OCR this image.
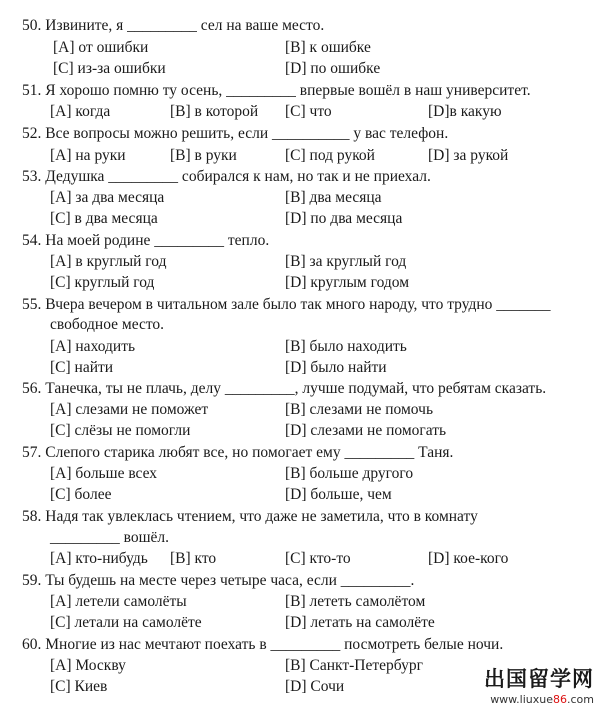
50. Извините, я _________ сел на ваше место.
[A] от ошибки	[B] к ошибке
[C] из-за ошибки	[D] по ошибке
51. Я хорошо помню ту осень, _________ впервые вошёл в наш университет.
[A] когда	[B] в которой [C] что	[D]в какую
52. Все вопросы можно решить, если __________ у вас телефон.
[A] на руки	[B] в руки	[C] под рукой	[D] за рукой
53. Дедушка _________ собирался к нам, но так и не приехал.
[A] за два месяца	[B] два месяца
[C] в два месяца	[D] по два месяца
54. На моей родине _________ тепло.
[A] в круглый год	[B] за круглый год
[C] круглый год	[D] круглым годом
55. Вчера вечером в читальном зале было так много народу, что трудно _______
свободное место.
[A] находить	[B] было находить
[C] найти	[D] было найти
56. Танечка, ты не плачь, делу _________, лучше подумай, что ребятам сказать.
[A] слезами не поможет	[B] слезами не помочь
[C] слёзы не помогли	[D] слезами не помогать
57. Слепого старика любят все, но помогает ему _________ Таня.
[A] больше всех	[B] больше другого
[C] более	[D] больше, чем
58. Надя так увлеклась чтением, что даже не заметила, что в комнату
_________ вошёл.
[A] кто-нибудь [B] кто	[C] кто-то	[D] кое-кого
59. Ты будешь на месте через четыре часа, если _________.
[A] летели самолёты	[B] лететь самолётом
[C] летали на самолёте	[D] летать на самолёте
60. Многие из нас мечтают поехать в _________ посмотреть белые ночи.
[A] Москву	[B] Санкт-Петербург
[C] Киев	[D] Сочи	出国留学网
www.liuxue86.com
